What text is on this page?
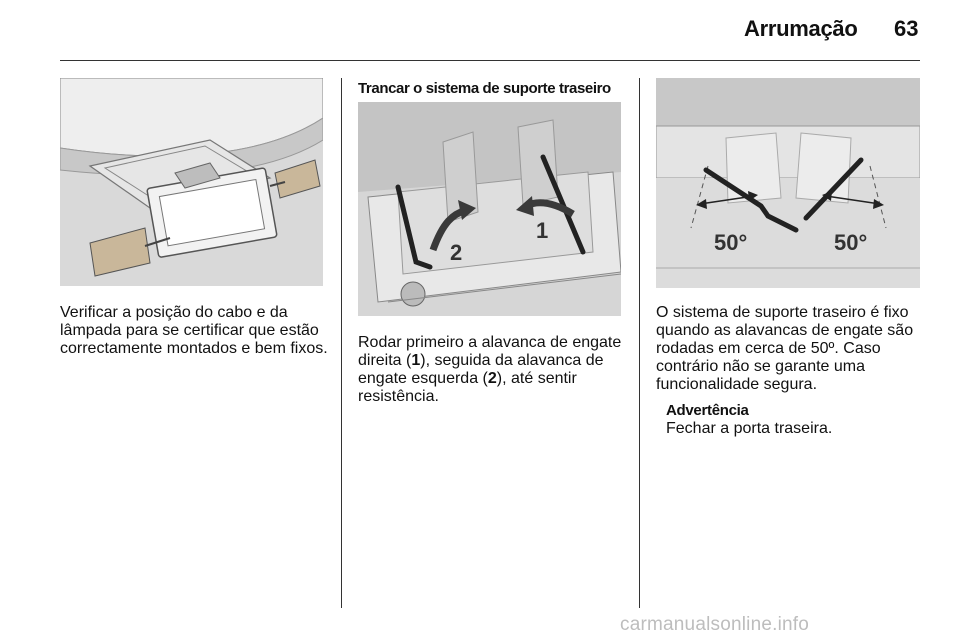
Arrumação 63
Verificar a posição do cabo e da
lâmpada para se certificar que estão
correctamente montados e bem fixos.
Trancar o sistema de suporte traseiro
1
2
Rodar primeiro a alavanca de engate
direita (1), seguida da alavanca de
engate esquerda (2), até sentir
resistência.
50°	50°
O sistema de suporte traseiro é fixo
quando as alavancas de engate são
rodadas em cerca de 50º. Caso
contrário não se garante uma
funcionalidade segura.
Advertência
Fechar a porta traseira.
carmanualsonline.info
